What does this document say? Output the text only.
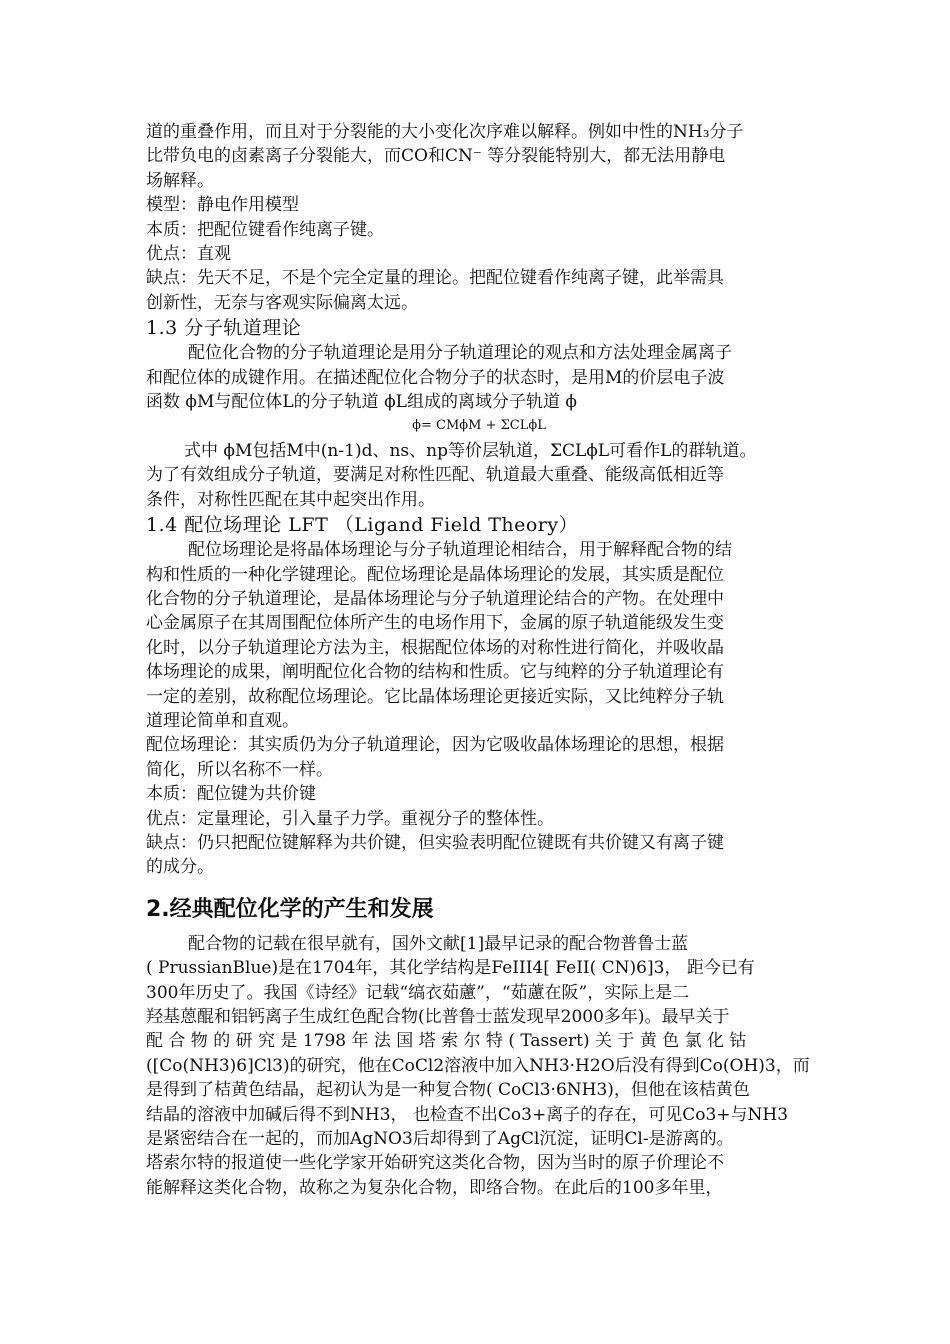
道的重叠作用，而且对于分裂能的大小变化次序难以解释。例如中性的NH₃分子
比带负电的卤素离子分裂能大，而CO和CN⁻ 等分裂能特别大，都无法用静电
场解释。
模型：静电作用模型
本质：把配位键看作纯离子键。
优点：直观
缺点：先天不足，不是个完全定量的理论。把配位键看作纯离子键，此举需具
创新性，无奈与客观实际偏离太远。
1.3 分子轨道理论
配位化合物的分子轨道理论是用分子轨道理论的观点和方法处理金属离子
和配位体的成键作用。在描述配位化合物分子的状态时，是用M的价层电子波
函数 ϕM与配位体L的分子轨道 ϕL组成的离域分子轨道 ϕ
ϕ= CMϕM + ΣCLϕL
式中 ϕM包括M中(n-1)d、ns、np等价层轨道，ΣCLϕL可看作L的群轨道。
为了有效组成分子轨道，要满足对称性匹配、轨道最大重叠、能级高低相近等
条件，对称性匹配在其中起突出作用。
1.4 配位场理论 LFT （Ligand Field Theory）
配位场理论是将晶体场理论与分子轨道理论相结合，用于解释配合物的结
构和性质的一种化学键理论。配位场理论是晶体场理论的发展，其实质是配位
化合物的分子轨道理论，是晶体场理论与分子轨道理论结合的产物。在处理中
心金属原子在其周围配位体所产生的电场作用下，金属的原子轨道能级发生变
化时，以分子轨道理论方法为主，根据配位体场的对称性进行简化，并吸收晶
体场理论的成果，阐明配位化合物的结构和性质。它与纯粹的分子轨道理论有
一定的差别，故称配位场理论。它比晶体场理论更接近实际，又比纯粹分子轨
道理论简单和直观。
配位场理论：其实质仍为分子轨道理论，因为它吸收晶体场理论的思想，根据
简化，所以名称不一样。
本质：配位键为共价键
优点：定量理论，引入量子力学。重视分子的整体性。
缺点：仍只把配位键解释为共价键，但实验表明配位键既有共价键又有离子键
的成分。
2.经典配位化学的产生和发展
配合物的记载在很早就有，国外文献[1]最早记录的配合物普鲁士蓝
( PrussianBlue)是在1704年，其化学结构是FeIII4[ FeII( CN)6]3， 距今已有
300年历史了。我国《诗经》记载“缟衣茹藘”，“茹藘在阪”，实际上是二
羟基蒽醌和铝钙离子生成红色配合物(比普鲁士蓝发现早2000多年)。最早关于
配 合 物 的 研 究 是 1798 年 法 国 塔 索 尔 特 ( Tassert) 关 于 黄 色 氯 化 钴
([Co(NH3)6]Cl3)的研究，他在CoCl2溶液中加入NH3·H2O后没有得到Co(OH)3，而
是得到了桔黄色结晶，起初认为是一种复合物( CoCl3·6NH3)，但他在该桔黄色
结晶的溶液中加碱后得不到NH3， 也检查不出Co3+离子的存在，可见Co3+与NH3
是紧密结合在一起的，而加AgNO3后却得到了AgCl沉淀，证明Cl-是游离的。
塔索尔特的报道使一些化学家开始研究这类化合物，因为当时的原子价理论不
能解释这类化合物，故称之为复杂化合物，即络合物。在此后的100多年里，
